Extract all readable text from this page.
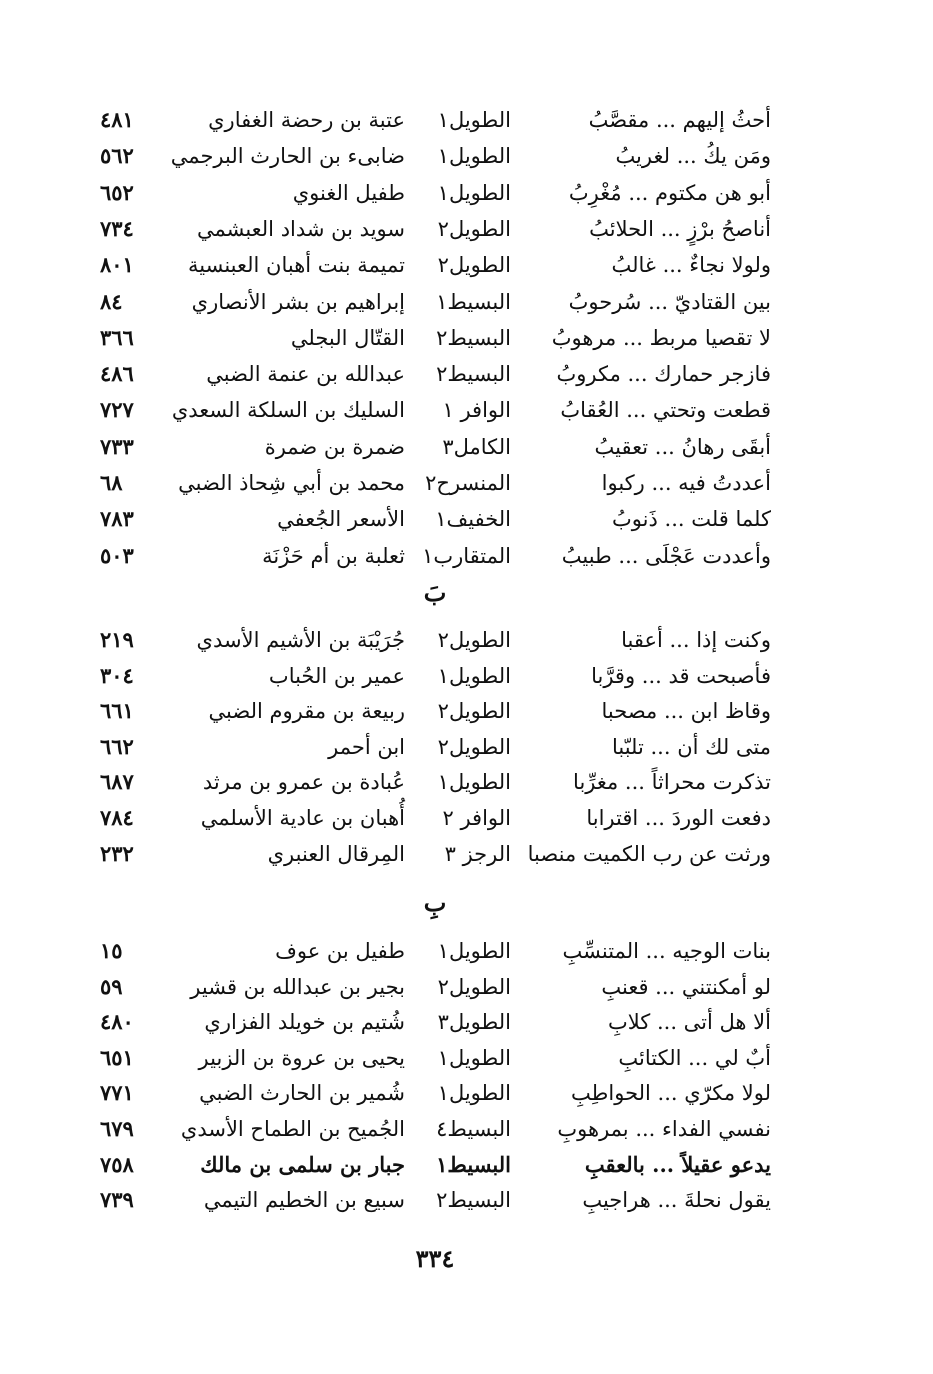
بَ
بِ
٣٣٤
أحثُ إليهم ... مقصَّبُ
الطويل١
عتبة بن رحضة الغفاري
٤٨١
ومَن يكُ ... لغريبُ
الطويل١
ضابىء بن الحارث البرجمي
٥٦٢
أبو هن مكتوم ... مُغْرِبُ
الطويل١
طفيل الغنوي
٦٥٢
أناصحُ برْزٍ ... الحلائبُ
الطويل٢
سويد بن شداد العبشمي
٧٣٤
ولولا نجاءٌ ... غالبُ
الطويل٢
تميمة بنت أهبان العبنسية
٨٠١
بين القتاديّ ... سُرحوبُ
البسيط١
إبراهيم بن بشر الأنصاري
٨٤
لا تقصيا مربط ... مرهوبُ
البسيط٢
القتّال البجلي
٣٦٦
فازجر حمارك ... مكروبُ
البسيط٢
عبدالله بن عنمة الضبي
٤٨٦
قطعت وتحتي ... العُقابُ
الوافر ١
السليك بن السلكة السعدي
٧٢٧
أبقَى رهانُ ... تعقيبُ
الكامل٣
ضمرة بن ضمرة
٧٣٣
أعددتُ فيه ... ركبوا
المنسرح٢
محمد بن أبي شِحاذ الضبي
٦٨
كلما قلت ... ذَنوبُ
الخفيف١
الأسعر الجُعفي
٧٨٣
وأعددت عَجْلَى ... طبيبُ
المتقارب١
ثعلبة بن أم حَزْنَة
٥٠٣
وكنت إذا ... أعقبا
الطويل٢
جُرَيْبَة بن الأشيم الأسدي
٢١٩
فأصبحت قد ... وقرَّبا
الطويل١
عمير بن الحُباب
٣٠٤
وقاظ ابن ... مصحبا
الطويل٢
ربيعة بن مقروم الضبي
٦٦١
متى لك أن ... تلبّبا
الطويل٢
ابن أحمر
٦٦٢
تذكرت محراثاً ... مغرِّبا
الطويل١
عُبادة بن عمرو بن مرثد
٦٨٧
دفعت الوردَ ... اقترابا
الوافر ٢
أُهبان بن عادية الأسلمي
٧٨٤
ورثت عن رب الكميت منصبا
الرجز ٣
المِرقال العنبري
٢٣٢
بنات الوجيه ... المتنسِّبِ
الطويل١
طفيل بن عوف
١٥
لو أمكنتني ... قعنبِ
الطويل٢
بجير بن عبدالله بن قشير
٥٩
ألا هل أتى ... كلابِ
الطويل٣
شُتيم بن خويلد الفزاري
٤٨٠
أبٌ لي ... الكتائبِ
الطويل١
يحيى بن عروة بن الزبير
٦٥١
لولا مكرّي ... الحواطِبِ
الطويل١
شُمير بن الحارث الضبي
٧٧١
نفسي الفداء ... بمرهوبِ
البسيط٤
الجُميح بن الطماح الأسدي
٦٧٩
يدعو عقيلاً ... بالعقبِ
البسيط١
جبار بن سلمى بن مالك
٧٥٨
يقول نحلةَ ... هراجيبِ
البسيط٢
سبيع بن الخطيم التيمي
٧٣٩
